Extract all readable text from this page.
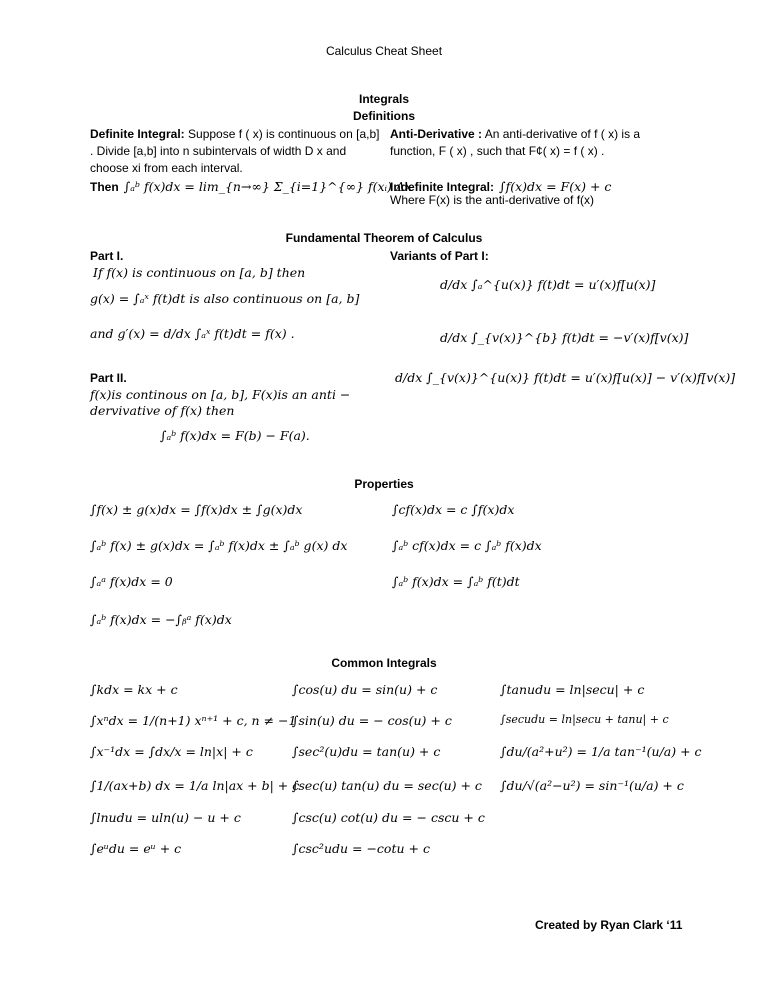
Calculus Cheat Sheet
Integrals
Definitions
Definite Integral: Suppose f ( x) is continuous on [a,b] . Divide [a,b] into n subintervals of width D x and choose xi from each interval.
Then ∫ₐᵇ f(x)dx = lim_{n→∞} Σ_{i=1}^{∞} f(xᵢ) Δx
Anti-Derivative : An anti-derivative of f ( x) is a function, F ( x) , such that F¢( x) = f ( x) .
Indefinite Integral: ∫f(x)dx = F(x) + c
Where F(x) is the anti-derivative of f(x)
Fundamental Theorem of Calculus
Part I.
If f(x) is continuous on [a, b] then
g(x) = ∫ₐˣ f(t)dt is also continuous on [a, b]
and g′(x) = d/dx ∫ₐˣ f(t)dt = f(x) .
Variants of Part I:
d/dx ∫ₐ^{u(x)} f(t)dt = u′(x)f[u(x)]
d/dx ∫_{v(x)}^{b} f(t)dt = −v′(x)f[v(x)]
d/dx ∫_{v(x)}^{u(x)} f(t)dt = u′(x)f[u(x)] − v′(x)f[v(x)]
Part II.
f(x)is continous on [a, b], F(x)is an anti −
dervivative of f(x) then
∫ₐᵇ f(x)dx = F(b) − F(a).
Properties
∫f(x) ± g(x)dx = ∫f(x)dx ± ∫g(x)dx
∫ₐᵇ f(x) ± g(x)dx = ∫ₐᵇ f(x)dx ± ∫ₐᵇ g(x) dx
∫ₐᵃ f(x)dx = 0
∫ₐᵇ f(x)dx = −∫ᵦᵃ f(x)dx
∫cf(x)dx = c ∫f(x)dx
∫ₐᵇ cf(x)dx = c ∫ₐᵇ f(x)dx
∫ₐᵇ f(x)dx = ∫ₐᵇ f(t)dt
Common Integrals
∫kdx = kx + c
∫xⁿdx = 1/(n+1) xⁿ⁺¹ + c, n ≠ −1
∫x⁻¹dx = ∫dx/x = ln|x| + c
∫1/(ax+b) dx = 1/a ln|ax + b| + c
∫lnudu = uln(u) − u + c
∫eᵘdu = eᵘ + c
∫cos(u) du = sin(u) + c
∫sin(u) du = − cos(u) + c
∫sec²(u)du = tan(u) + c
∫sec(u) tan(u) du = sec(u) + c
∫csc(u) cot(u) du = − cscu + c
∫csc²udu = −cotu + c
∫tanudu = ln|secu| + c
∫secudu = ln|secu + tanu| + c
∫du/(a²+u²) = 1/a tan⁻¹(u/a) + c
∫du/√(a²−u²) = sin⁻¹(u/a) + c
Created by Ryan Clark ‘11
